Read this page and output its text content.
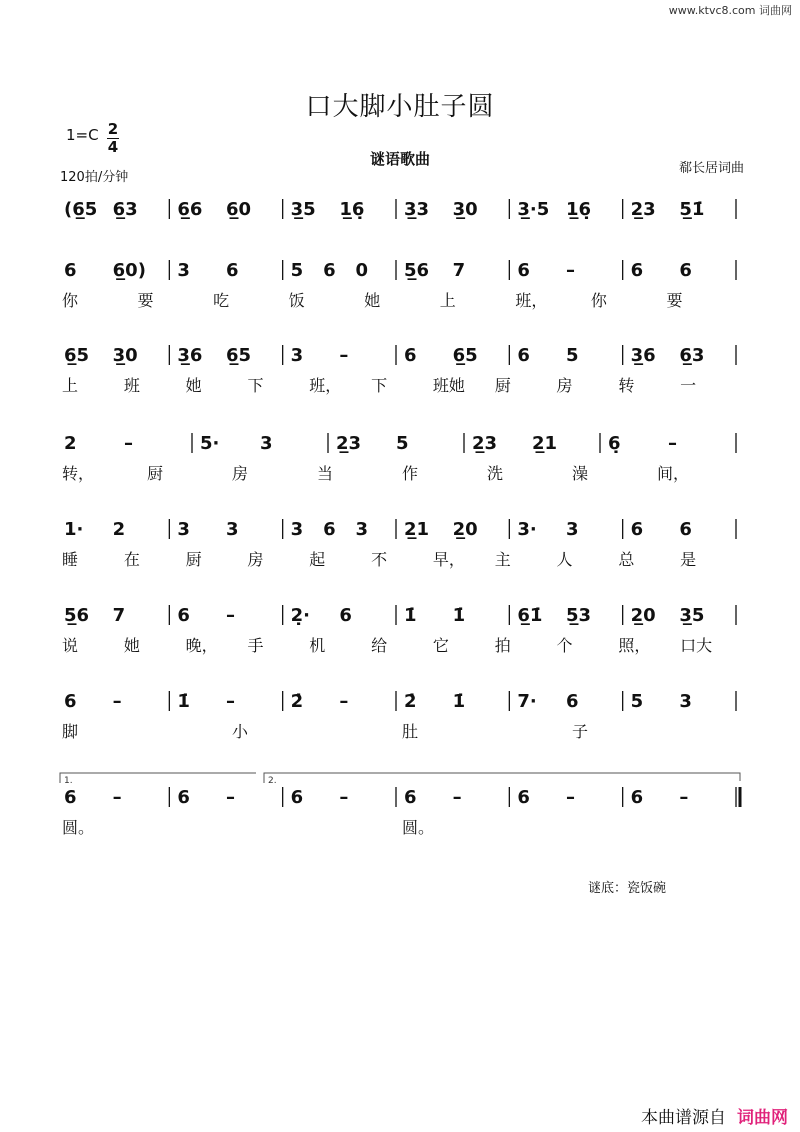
www.ktvc8.com 词曲网
口大脚小肚子圆
1=C 2
4
120拍/分钟
谜语歌曲
郗长居词曲
谜底：瓷饭碗
本曲谱源自 词曲网
(6̲5 6̲3 6̲6 6̲0 3̲5 1̲6̣ 3̲3 3̲0 3̲·5 1̲6̣ 2̲3 5̲1̇
6 6̲0) 3 6	5 6 0 5̲6 7	6 –	6 6
你	要	吃	饭	她	上	班，	你	要
6̲5 3̲0 3̲6 6̲5 3 –	6 6̲5 6 5	3̲6 6̲3
上	班	她	下	班， 下	班她 厨	房	转	一
2	–	5· 3	2̲3 5	2̲3 2̲1	6̣	–
转，	厨	房	当	作	洗	澡	间，
1· 2	3 3	3 6 3 2̲1 2̲0 3· 3	6 6
睡	在	厨	房	起	不	早， 主	人	总	是
5̲6 7	6 –	2̣· 6	1̇ 1̇	6̲1̇ 5̲3 2̲0 3̲5
说	她	晚， 手	机	给	它	拍	个	照， 口大
6 –	1̇ –	2̇ –	2̇ 1̇	7· 6	5 3
脚	小	肚	子
6 –	6 –	6 –	6 –	6 –	6 –
圆。	圆。
1.	2.
